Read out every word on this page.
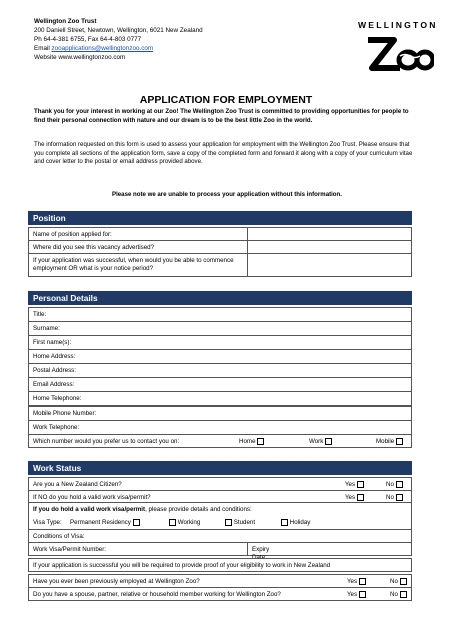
Wellington Zoo Trust
200 Daniell Street, Newtown, Wellington, 6021 New Zealand
Ph 64-4-381 6755, Fax 64-4-803 0777
Email zooapplications@wellingtonzoo.com
Website www.wellingtonzoo.com
WELLINGTON
APPLICATION FOR EMPLOYMENT
Thank you for your interest in working at our Zoo! The Wellington Zoo Trust is committed to providing opportunities for people to find their personal connection with nature and our dream is to be the best little Zoo in the world.
The information requested on this form is used to assess your application for employment with the Wellington Zoo Trust. Please ensure that you complete all sections of the application form, save a copy of the completed form and forward it along with a copy of your curriculum vitae and cover letter to the postal or email address provided above.
Please note we are unable to process your application without this information.
Position
Name of position applied for:
Where did you see this vacancy advertised?
If your application was successful, when would you be able to commence employment OR what is your notice period?
Personal Details
Title:
Surname:
First name(s):
Home Address:
Postal Address:
Email Address:
Home Telephone:
Mobile Phone Number:
Work Telephone:
Which number would you prefer us to contact you on:	Home	Work	Mobile
Work Status
Are you a New Zealand Citizen?	Yes	No
If NO do you hold a valid work visa/permit?	Yes	No
If you do hold a valid work visa/permit, please provide details and conditions:
Visa Type: Permanent Residency	Working	Student	Holiday
Conditions of Visa:
Work Visa/Permit Number:	Expiry Date:
If your application is successful you will be required to provide proof of your eligibility to work in New Zealand
Have you ever been previously employed at Wellington Zoo?	Yes	No
Do you have a spouse, partner, relative or household member working for Wellington Zoo?	Yes	No
